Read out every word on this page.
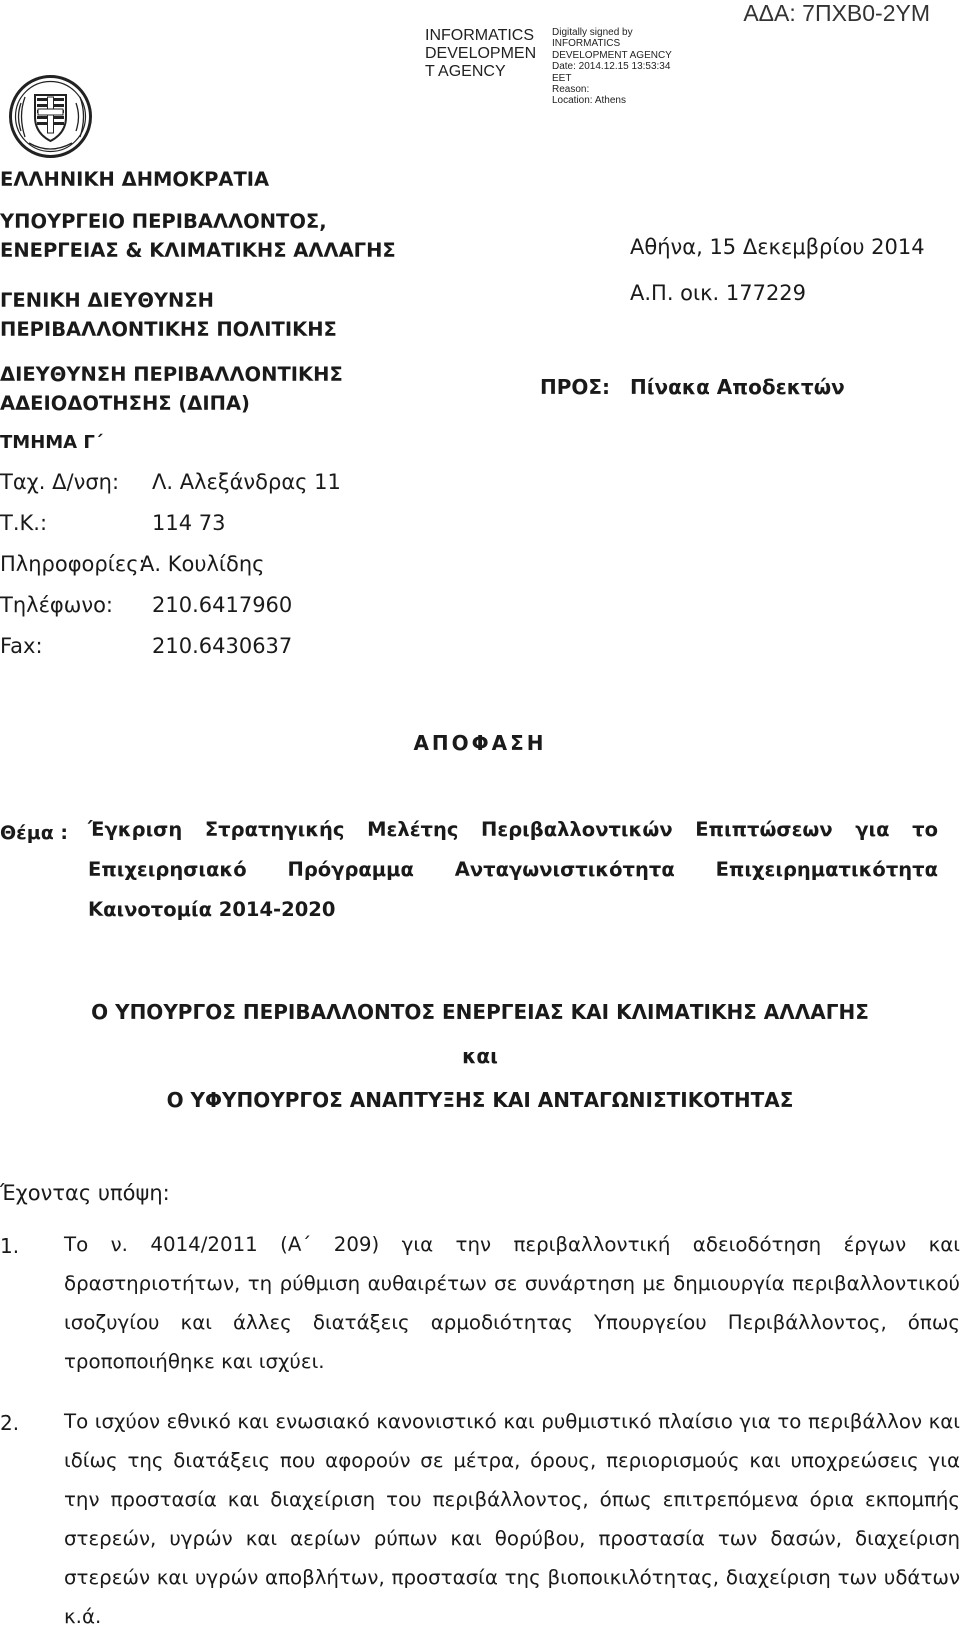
ΑΔΑ: 7ΠΧΒ0-2ΥΜ
INFORMATICS
DEVELOPMEN
T AGENCY
Digitally signed by
INFORMATICS
DEVELOPMENT AGENCY
Date: 2014.12.15 13:53:34
EET
Reason:
Location: Athens
ΕΛΛΗΝΙΚΗ ΔΗΜΟΚΡΑΤΙΑ
ΥΠΟΥΡΓΕΙΟ ΠΕΡΙΒΑΛΛΟΝΤΟΣ,
ΕΝΕΡΓΕΙΑΣ & ΚΛΙΜΑΤΙΚΗΣ ΑΛΛΑΓΗΣ
ΓΕΝΙΚΗ ΔΙΕΥΘΥΝΣΗ
ΠΕΡΙΒΑΛΛΟΝΤΙΚΗΣ ΠΟΛΙΤΙΚΗΣ
ΔΙΕΥΘΥΝΣΗ ΠΕΡΙΒΑΛΛΟΝΤΙΚΗΣ
ΑΔΕΙΟΔΟΤΗΣΗΣ (ΔΙΠΑ)
ΤΜΗΜΑ Γ΄
Ταχ. Δ/νση: Λ. Αλεξάνδρας 11
Τ.Κ.:	114 73
Πληροφορίες:
Α. Κουλίδης
Τηλέφωνο: 210.6417960
Fax:	210.6430637
Αθήνα, 15 Δεκεμβρίου 2014
Α.Π. οικ. 177229
ΠΡΟΣ: Πίνακα Αποδεκτών
ΑΠΟΦΑΣΗ
Θέμα : Έγκριση Στρατηγικής Μελέτης Περιβαλλοντικών Επιπτώσεων για το Επιχειρησιακό Πρόγραμμα Ανταγωνιστικότητα Επιχειρηματικότητα Καινοτομία 2014-2020
Ο ΥΠΟΥΡΓΟΣ ΠΕΡΙΒΑΛΛΟΝΤΟΣ ΕΝΕΡΓΕΙΑΣ ΚΑΙ ΚΛΙΜΑΤΙΚΗΣ ΑΛΛΑΓΗΣ
και
Ο ΥΦΥΠΟΥΡΓΟΣ ΑΝΑΠΤΥΞΗΣ ΚΑΙ ΑΝΤΑΓΩΝΙΣΤΙΚΟΤΗΤΑΣ
Έχοντας υπόψη:
1. Το ν. 4014/2011 (Α΄ 209) για την περιβαλλοντική αδειοδότηση έργων και δραστηριοτήτων, τη ρύθμιση αυθαιρέτων σε συνάρτηση με δημιουργία περιβαλλοντικού ισοζυγίου και άλλες διατάξεις αρμοδιότητας Υπουργείου Περιβάλλοντος, όπως τροποποιήθηκε και ισχύει.
2. Το ισχύον εθνικό και ενωσιακό κανονιστικό και ρυθμιστικό πλαίσιο για το περιβάλλον και ιδίως της διατάξεις που αφορούν σε μέτρα, όρους, περιορισμούς και υποχρεώσεις για την προστασία και διαχείριση του περιβάλλοντος, όπως επιτρεπόμενα όρια εκπομπής στερεών, υγρών και αερίων ρύπων και θορύβου, προστασία των δασών, διαχείριση στερεών και υγρών αποβλήτων, προστασία της βιοποικιλότητας, διαχείριση των υδάτων κ.ά.
